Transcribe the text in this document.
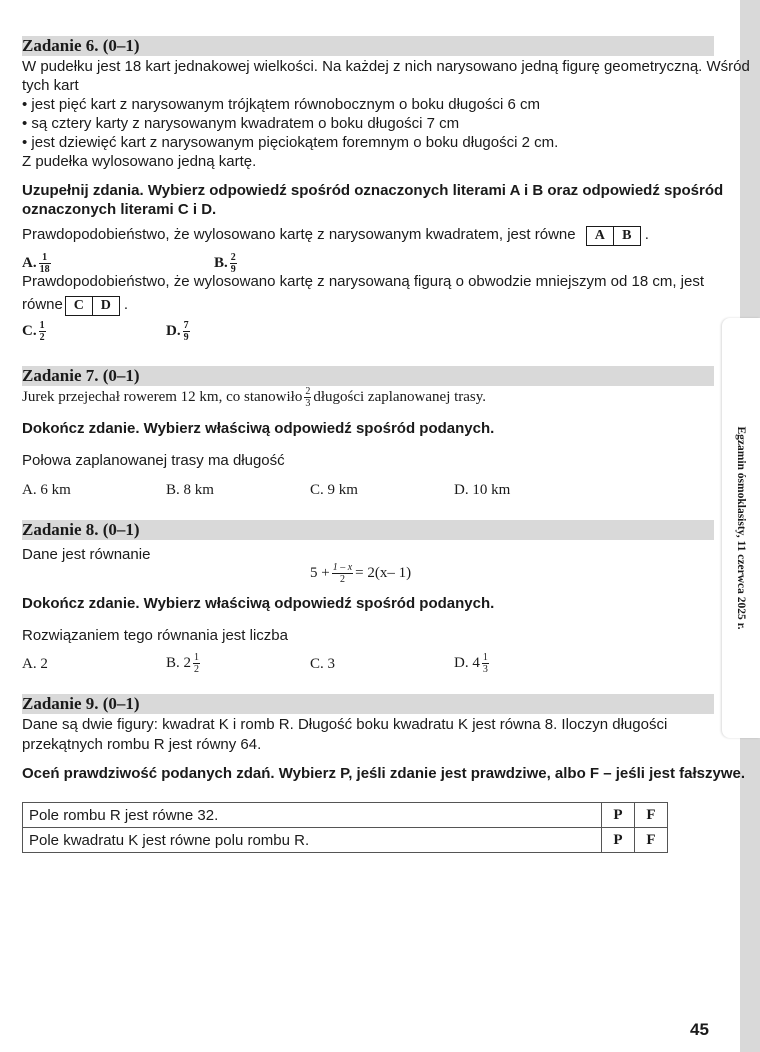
Egzamin ósmoklasisty, 11 czerwca 2025 r.
Zadanie 6. (0–1)
W pudełku jest 18 kart jednakowej wielkości. Na każdej z nich narysowano jedną figurę geometryczną. Wśród
tych kart
• jest pięć kart z narysowanym trójkątem równobocznym o boku długości 6 cm
• są cztery karty z narysowanym kwadratem o boku długości 7 cm
• jest dziewięć kart z narysowanym pięciokątem foremnym o boku długości 2 cm.
Z pudełka wylosowano jedną kartę.
Uzupełnij zdania. Wybierz odpowiedź spośród oznaczonych literami A i B oraz odpowiedź spośród
oznaczonych literami C i D.
Prawdopodobieństwo, że wylosowano kartę z narysowanym kwadratem, jest równe A B .
A. $\frac{1}{18}$	B. $\frac{2}{9}$
Prawdopodobieństwo, że wylosowano kartę z narysowaną figurą o obwodzie mniejszym od 18 cm, jest
równe C D .
C. $\frac{1}{2}$	D. $\frac{7}{9}$
Zadanie 7. (0–1)
Jurek przejechał rowerem 12 km, co stanowiło $\frac{2}{3}$ długości zaplanowanej trasy.
Dokończ zdanie. Wybierz właściwą odpowiedź spośród podanych.
Połowa zaplanowanej trasy ma długość
A. 6 km	B. 8 km	C. 9 km	D. 10 km
Zadanie 8. (0–1)
Dane jest równanie
$5 + \frac{1 - x}{2} = 2(x-$ 1)
Dokończ zdanie. Wybierz właściwą odpowiedź spośród podanych.
Rozwiązaniem tego równania jest liczba
A. 2	B. $2 \frac{1}{2}$	C. 3	D. $4 \frac{1}{3}$
Zadanie 9. (0–1)
Dane są dwie figury: kwadrat K i romb R. Długość boku kwadratu K jest równa 8. Iloczyn długości
przekątnych rombu R jest równy 64.
Oceń prawdziwość podanych zdań. Wybierz P, jeśli zdanie jest prawdziwe, albo F – jeśli jest fałszywe.
Pole rombu R jest równe 32.	P	F
Pole kwadratu K jest równe polu rombu R.	P	F
45
